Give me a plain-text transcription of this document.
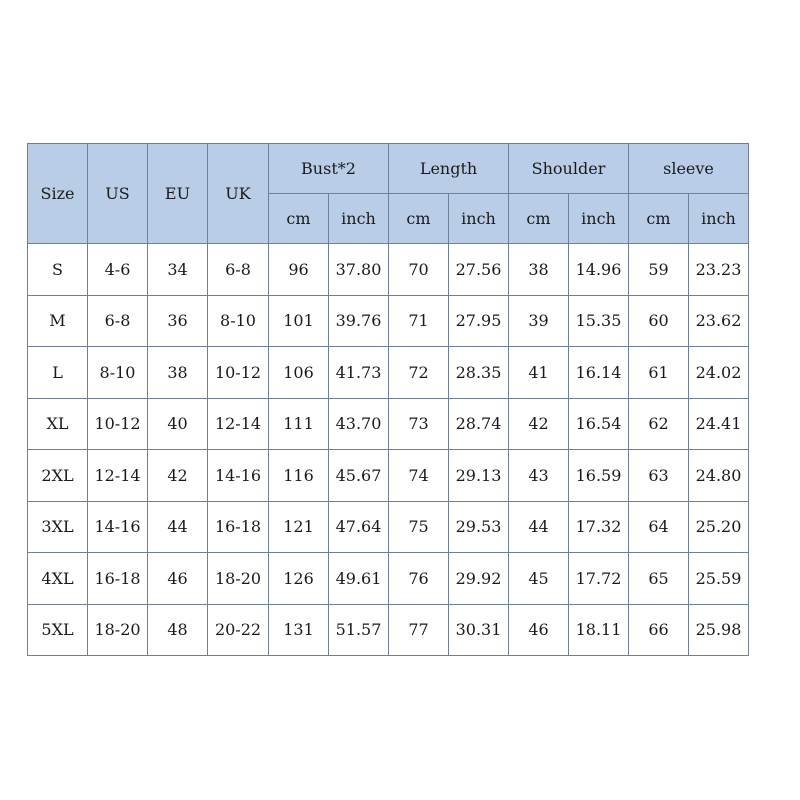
Size	US	EU	UK	Bust*2		Length		Shoulder		sleeve	
				cm	inch	cm	inch	cm	inch	cm	inch
S	4-6	34	6-8	96	37.80	70	27.56	38	14.96	59	23.23
M	6-8	36	8-10	101	39.76	71	27.95	39	15.35	60	23.62
L	8-10	38	10-12	106	41.73	72	28.35	41	16.14	61	24.02
XL	10-12	40	12-14	111	43.70	73	28.74	42	16.54	62	24.41
2XL	12-14	42	14-16	116	45.67	74	29.13	43	16.59	63	24.80
3XL	14-16	44	16-18	121	47.64	75	29.53	44	17.32	64	25.20
4XL	16-18	46	18-20	126	49.61	76	29.92	45	17.72	65	25.59
5XL	18-20	48	20-22	131	51.57	77	30.31	46	18.11	66	25.98
